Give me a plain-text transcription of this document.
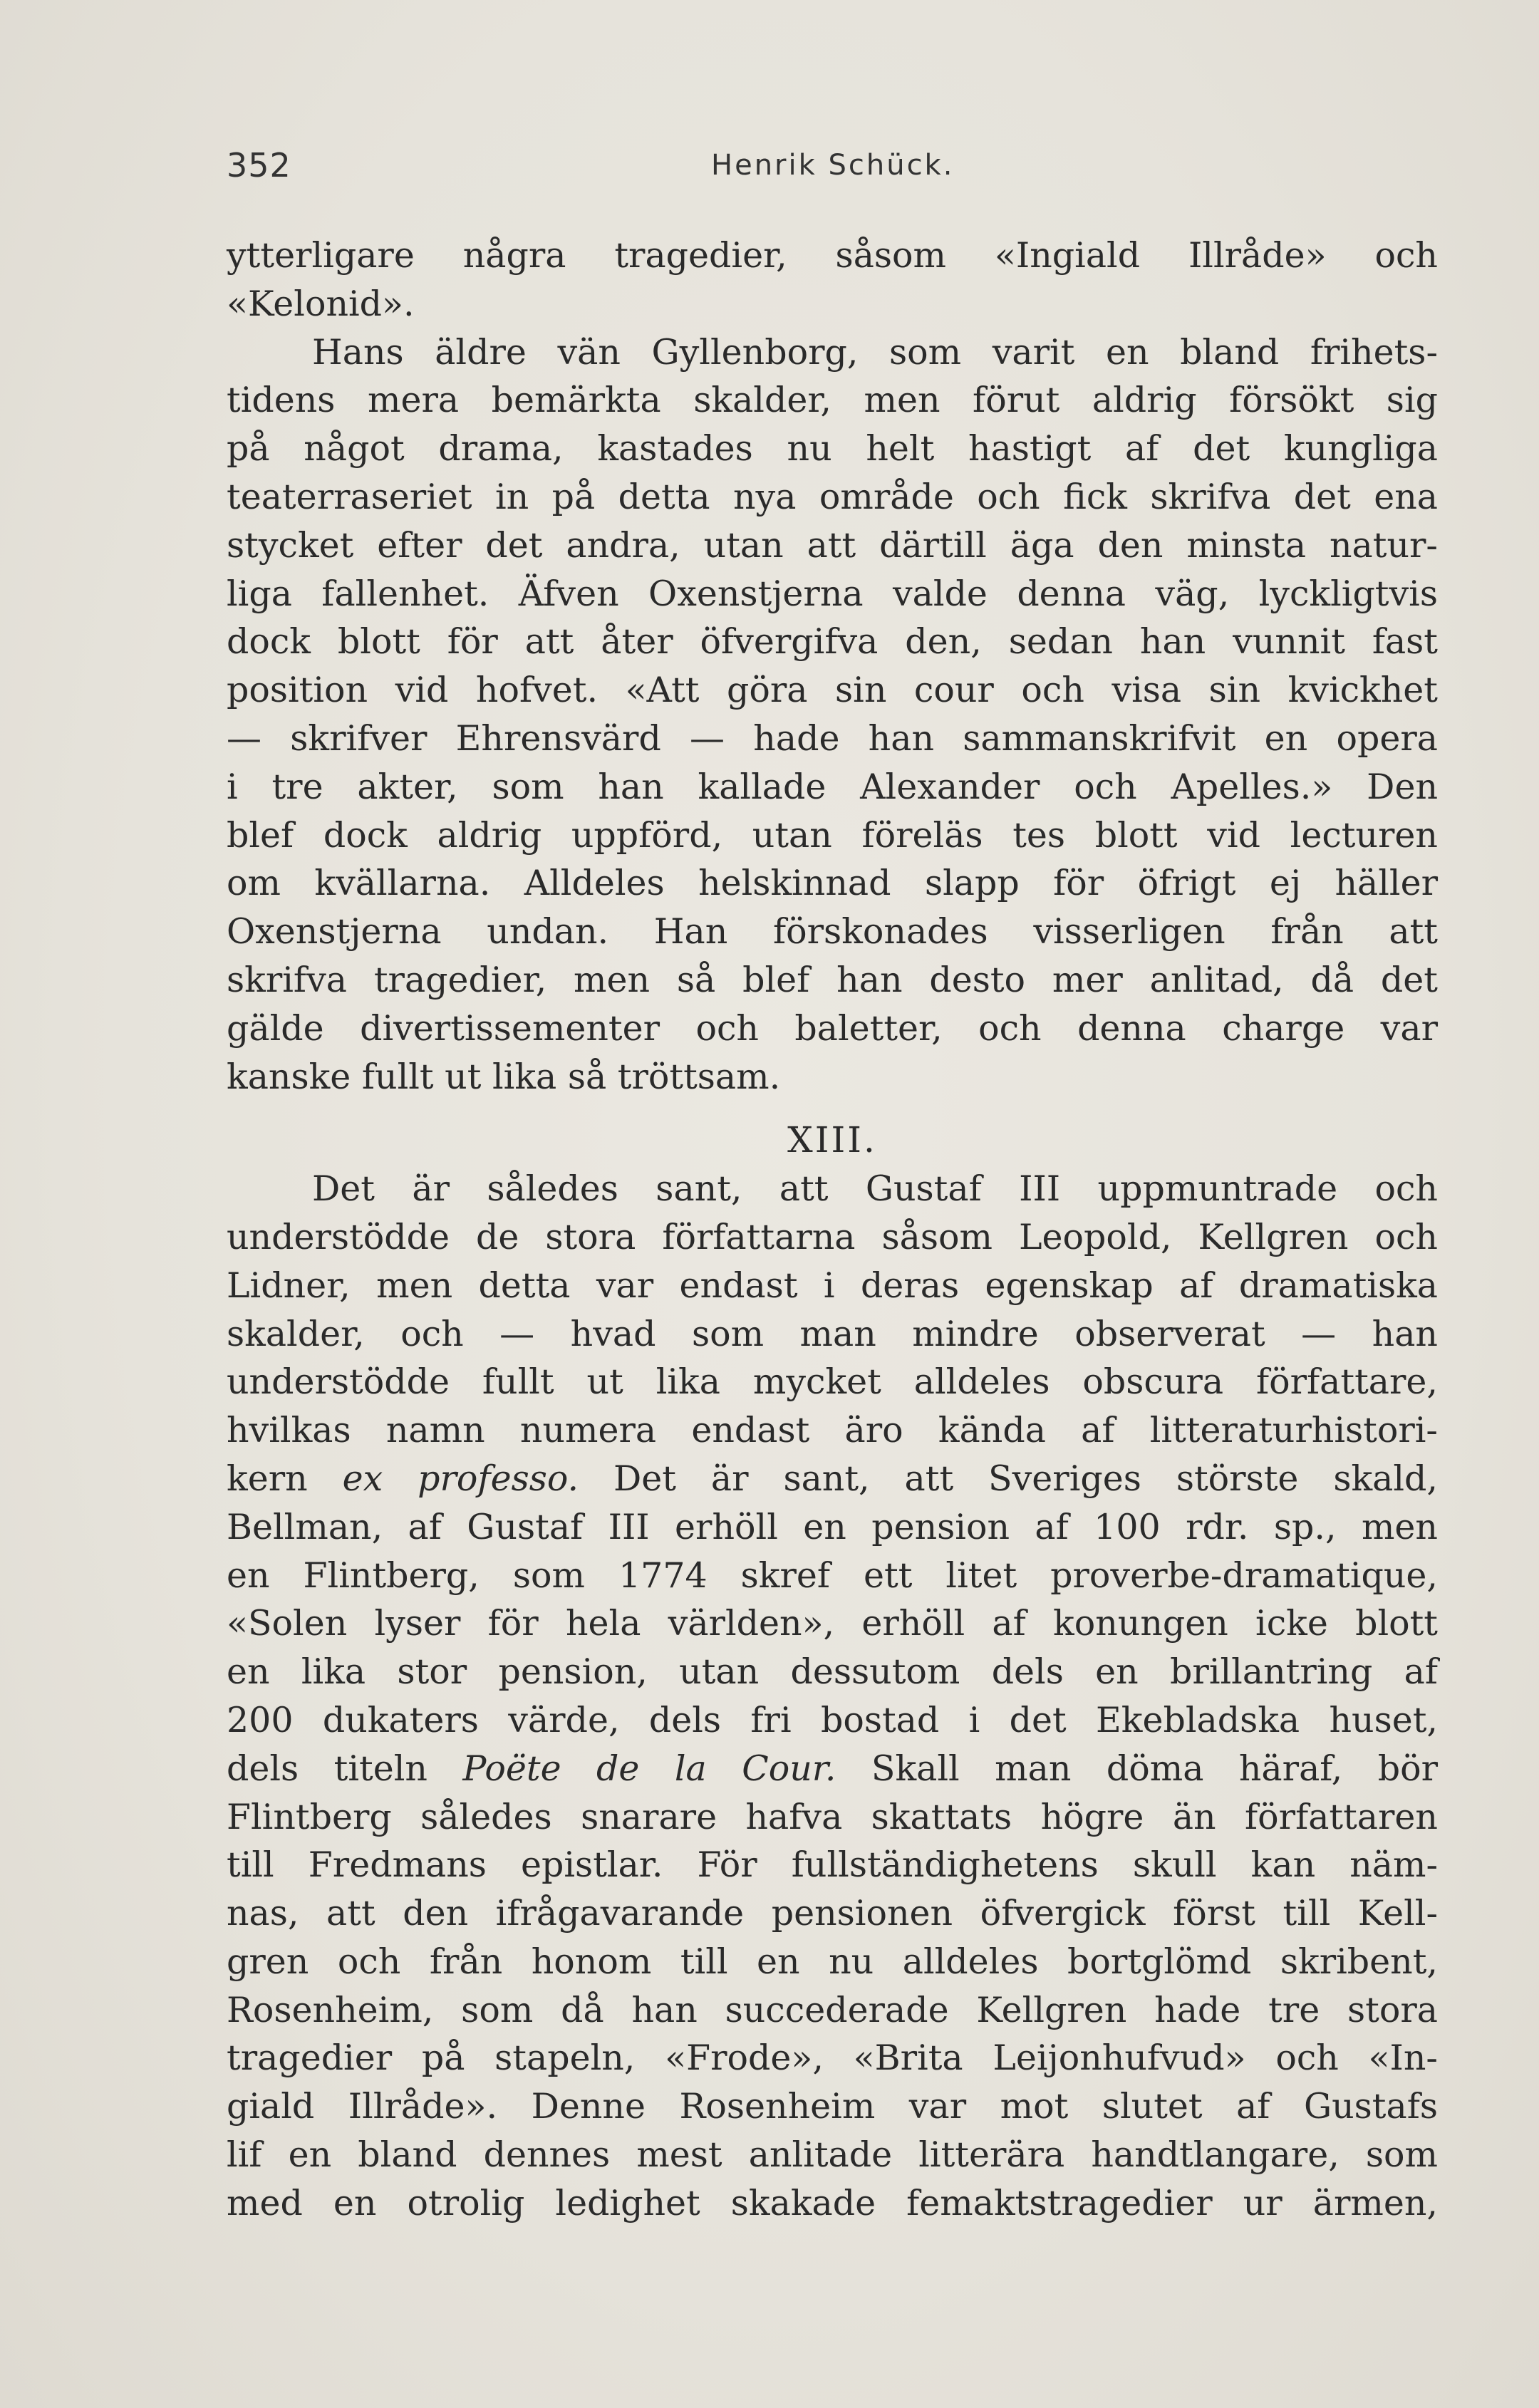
352	Henrik Schück.
ytterligare några tragedier, såsom «Ingiald Illråde» och
«Kelonid».
Hans äldre vän Gyllenborg, som varit en bland frihets-
tidens mera bemärkta skalder, men förut aldrig försökt sig
på något drama, kastades nu helt hastigt af det kungliga
teaterraseriet in på detta nya område och fick skrifva det ena
stycket efter det andra, utan att därtill äga den minsta natur-
liga fallenhet. Äfven Oxenstjerna valde denna väg, lyckligtvis
dock blott för att åter öfvergifva den, sedan han vunnit fast
position vid hofvet. «Att göra sin cour och visa sin kvickhet
— skrifver Ehrensvärd — hade han sammanskrifvit en opera
i tre akter, som han kallade Alexander och Apelles.» Den
blef dock aldrig uppförd, utan föreläs tes blott vid lecturen
om kvällarna. Alldeles helskinnad slapp för öfrigt ej häller
Oxenstjerna undan. Han förskonades visserligen från att
skrifva tragedier, men så blef han desto mer anlitad, då det
gälde divertissementer och baletter, och denna charge var
kanske fullt ut lika så tröttsam.
XIII.
Det är således sant, att Gustaf III uppmuntrade och
understödde de stora författarna såsom Leopold, Kellgren och
Lidner, men detta var endast i deras egenskap af dramatiska
skalder, och — hvad som man mindre observerat — han
understödde fullt ut lika mycket alldeles obscura författare,
hvilkas namn numera endast äro kända af litteraturhistori-
kern ex professo. Det är sant, att Sveriges störste skald,
Bellman, af Gustaf III erhöll en pension af 100 rdr. sp., men
en Flintberg, som 1774 skref ett litet proverbe-dramatique,
«Solen lyser för hela världen», erhöll af konungen icke blott
en lika stor pension, utan dessutom dels en brillantring af
200 dukaters värde, dels fri bostad i det Ekebladska huset,
dels titeln Poëte de la Cour. Skall man döma häraf, bör
Flintberg således snarare hafva skattats högre än författaren
till Fredmans epistlar. För fullständighetens skull kan näm-
nas, att den ifrågavarande pensionen öfvergick först till Kell-
gren och från honom till en nu alldeles bortglömd skribent,
Rosenheim, som då han succederade Kellgren hade tre stora
tragedier på stapeln, «Frode», «Brita Leijonhufvud» och «In-
giald Illråde». Denne Rosenheim var mot slutet af Gustafs
lif en bland dennes mest anlitade litterära handtlangare, som
med en otrolig ledighet skakade femaktstragedier ur ärmen,
